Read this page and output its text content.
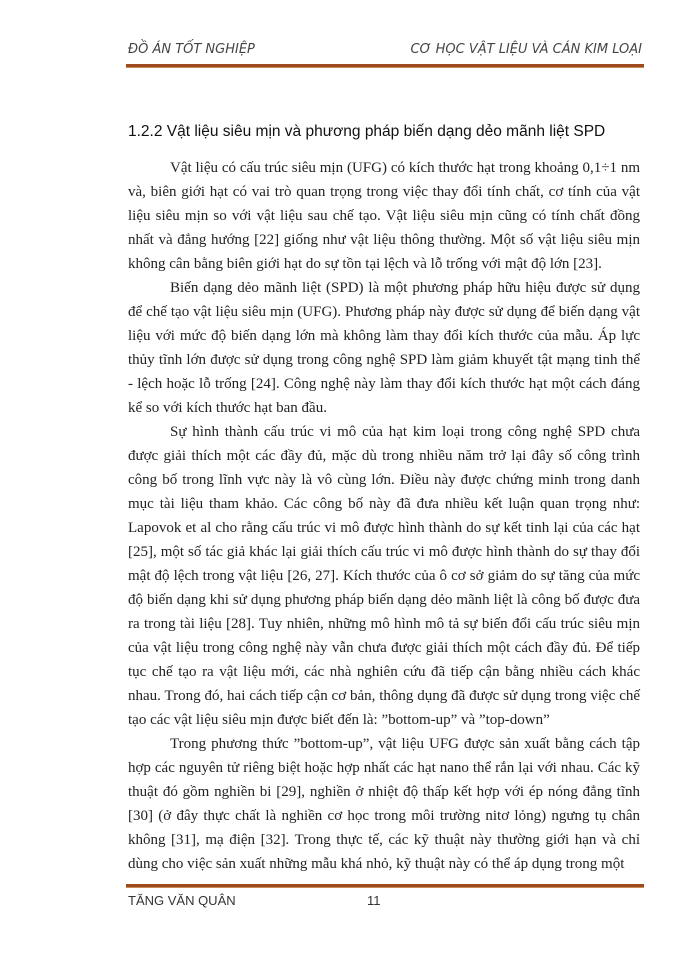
ĐỒ ÁN TỐT NGHIỆP	CƠ HỌC VẬT LIỆU VÀ CÁN KIM LOẠI
1.2.2 Vật liệu siêu mịn và phương pháp biến dạng dẻo mãnh liệt SPD

Vật liệu có cấu trúc siêu mịn (UFG) có kích thước hạt trong khoảng 0,1÷1 nm và, biên giới hạt có vai trò quan trọng trong việc thay đổi tính chất, cơ tính của vật liệu siêu mịn so với vật liệu sau chế tạo. Vật liệu siêu mịn cũng có tính chất đồng nhất và đẳng hướng [22] giống như vật liệu thông thường. Một số vật liệu siêu mịn không cân bằng biên giới hạt do sự tồn tại lệch và lỗ trống với mật độ lớn [23].

Biến dạng dẻo mãnh liệt (SPD) là một phương pháp hữu hiệu được sử dụng để chế tạo vật liệu siêu mịn (UFG). Phương pháp này được sử dụng để biến dạng vật liệu với mức độ biến dạng lớn mà không làm thay đổi kích thước của mẫu. Áp lực thủy tĩnh lớn được sử dụng trong công nghệ SPD làm giảm khuyết tật mạng tinh thể - lệch hoặc lỗ trống [24]. Công nghệ này làm thay đổi kích thước hạt một cách đáng kể so với kích thước hạt ban đầu.

Sự hình thành cấu trúc vi mô của hạt kim loại trong công nghệ SPD chưa được giải thích một các đầy đủ, mặc dù trong nhiều năm trở lại đây số công trình công bố trong lĩnh vực này là vô cùng lớn. Điều này được chứng minh trong danh mục tài liệu tham khảo. Các công bố này đã đưa nhiều kết luận quan trọng như: Lapovok et al cho rằng cấu trúc vi mô được hình thành do sự kết tinh lại của các hạt [25], một số tác giả khác lại giải thích cấu trúc vi mô được hình thành do sự thay đổi mật độ lệch trong vật liệu [26, 27]. Kích thước của ô cơ sở giảm do sự tăng của mức độ biến dạng khi sử dụng phương pháp biến dạng dẻo mãnh liệt là công bố được đưa ra trong tài liệu [28]. Tuy nhiên, những mô hình mô tả sự biến đổi cấu trúc siêu mịn của vật liệu trong công nghệ này vẫn chưa được giải thích một cách đầy đủ. Để tiếp tục chế tạo ra vật liệu mới, các nhà nghiên cứu đã tiếp cận bằng nhiều cách khác nhau. Trong đó, hai cách tiếp cận cơ bản, thông dụng đã được sử dụng trong việc chế tạo các vật liệu siêu mịn được biết đến là: ”bottom-up” và ”top-down”

Trong phương thức ”bottom-up”, vật liệu UFG được sản xuất bằng cách tập hợp các nguyên tử riêng biệt hoặc hợp nhất các hạt nano thể rắn lại với nhau. Các kỹ thuật đó gồm nghiền bi [29], nghiền ở nhiệt độ thấp kết hợp với ép nóng đẳng tĩnh [30] (ở đây thực chất là nghiền cơ học trong môi trường nitơ lỏng) ngưng tụ chân không [31], mạ điện [32]. Trong thực tế, các kỹ thuật này thường giới hạn và chỉ dùng cho việc sản xuất những mẫu khá nhỏ, kỹ thuật này có thể áp dụng trong một

TĂNG VĂN QUÂN	11
